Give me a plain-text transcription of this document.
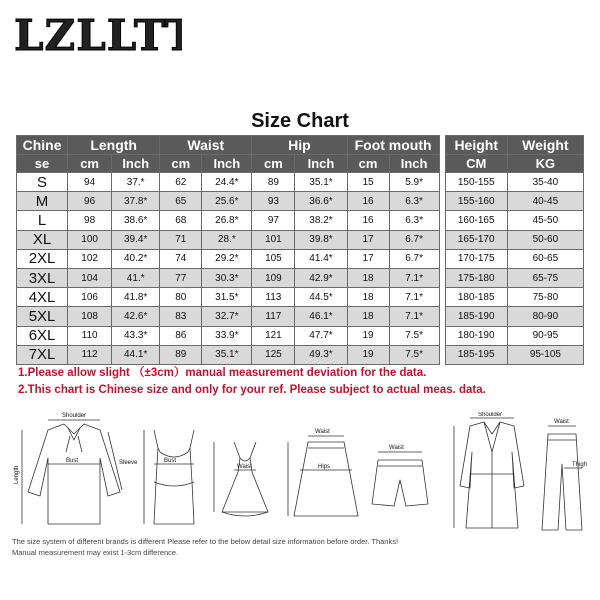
LZLLTT
Size Chart
Chine	Length		Waist		Hip		Foot mouth			Height	Weight
se	cm	Inch	cm	Inch	cm	Inch	cm	Inch		CM	KG
S	94	37.*	62	24.4*	89	35.1*	15	5.9*		150-155	35-40
M	96	37.8*	65	25.6*	93	36.6*	16	6.3*		155-160	40-45
L	98	38.6*	68	26.8*	97	38.2*	16	6.3*		160-165	45-50
XL	100	39.4*	71	28.*	101	39.8*	17	6.7*		165-170	50-60
2XL	102	40.2*	74	29.2*	105	41.4*	17	6.7*		170-175	60-65
3XL	104	41.*	77	30.3*	109	42.9*	18	7.1*		175-180	65-75
4XL	106	41.8*	80	31.5*	113	44.5*	18	7.1*		180-185	75-80
5XL	108	42.6*	83	32.7*	117	46.1*	18	7.1*		185-190	80-90
6XL	110	43.3*	86	33.9*	121	47.7*	19	7.5*		180-190	90-95
7XL	112	44.1*	89	35.1*	125	49.3*	19	7.5*		185-195	95-105
1.Please allow slight （±3cm）manual measurement deviation for the data.
2.This chart is Chinese size and only for your ref. Please subject to actual meas. data.
Shoulder
Bust	Sleeve
Length
Bust
Waist
Waist
Hips
Waist
Shoulder
Waist
Thigh
The size system of different brands is different Please refer to the below detail size information before order. Thanks!
Manual measurement may exist 1-3cm difference.
